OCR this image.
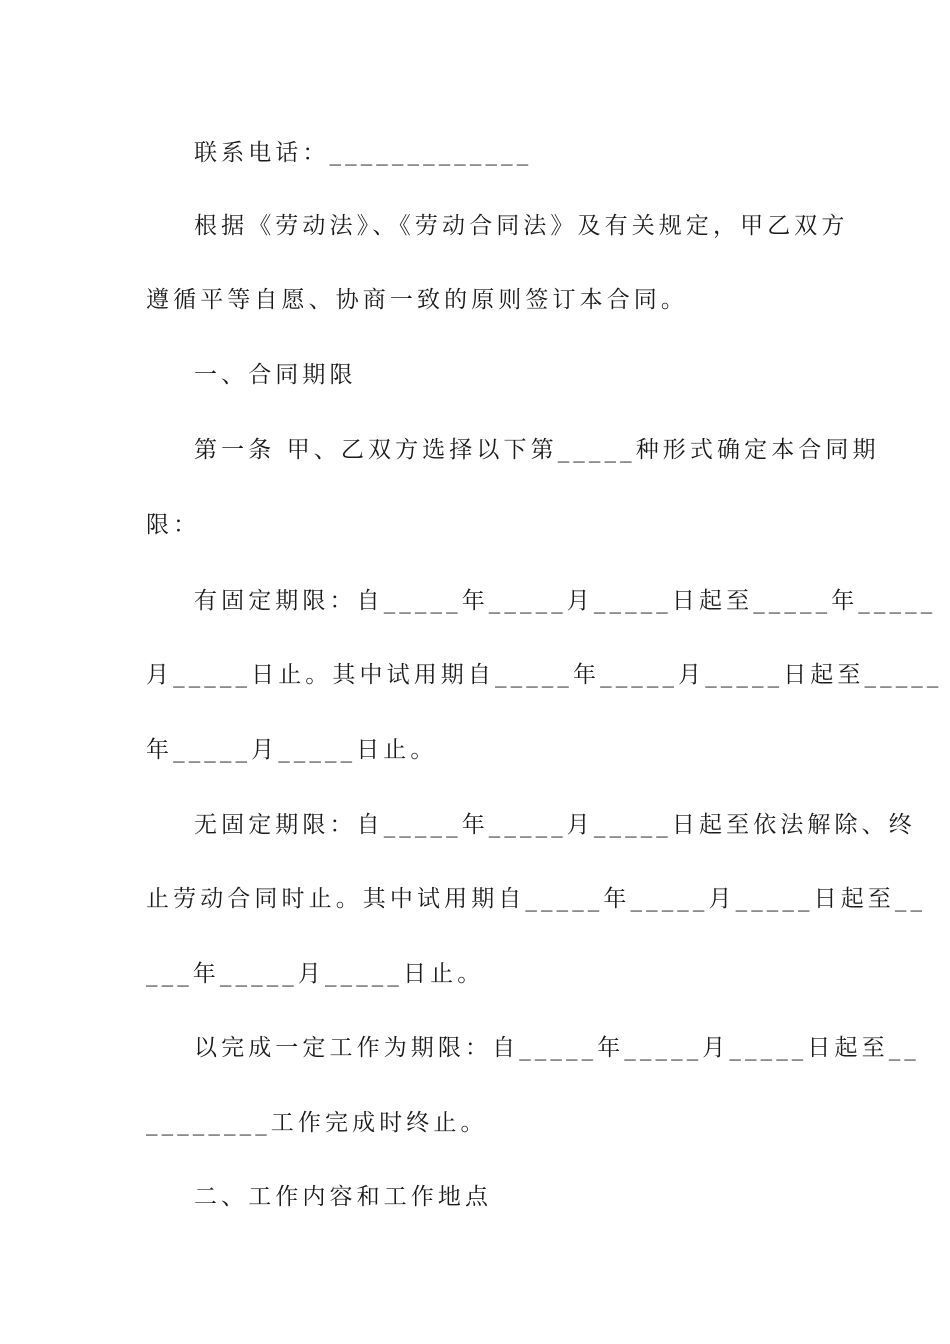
联系电话：_____________
根据《劳动法》、《劳动合同法》及有关规定，甲乙双方
遵循平等自愿、协商一致的原则签订本合同。
一、合同期限
第一条 甲、乙双方选择以下第_____种形式确定本合同期
限：
有固定期限：自_____年_____月_____日起至_____年_____
月_____日止。其中试用期自_____年_____月_____日起至_____
年_____月_____日止。
无固定期限：自_____年_____月_____日起至依法解除、终
止劳动合同时止。其中试用期自_____年_____月_____日起至__
___年_____月_____日止。
以完成一定工作为期限：自_____年_____月_____日起至__
________工作完成时终止。
二、工作内容和工作地点
